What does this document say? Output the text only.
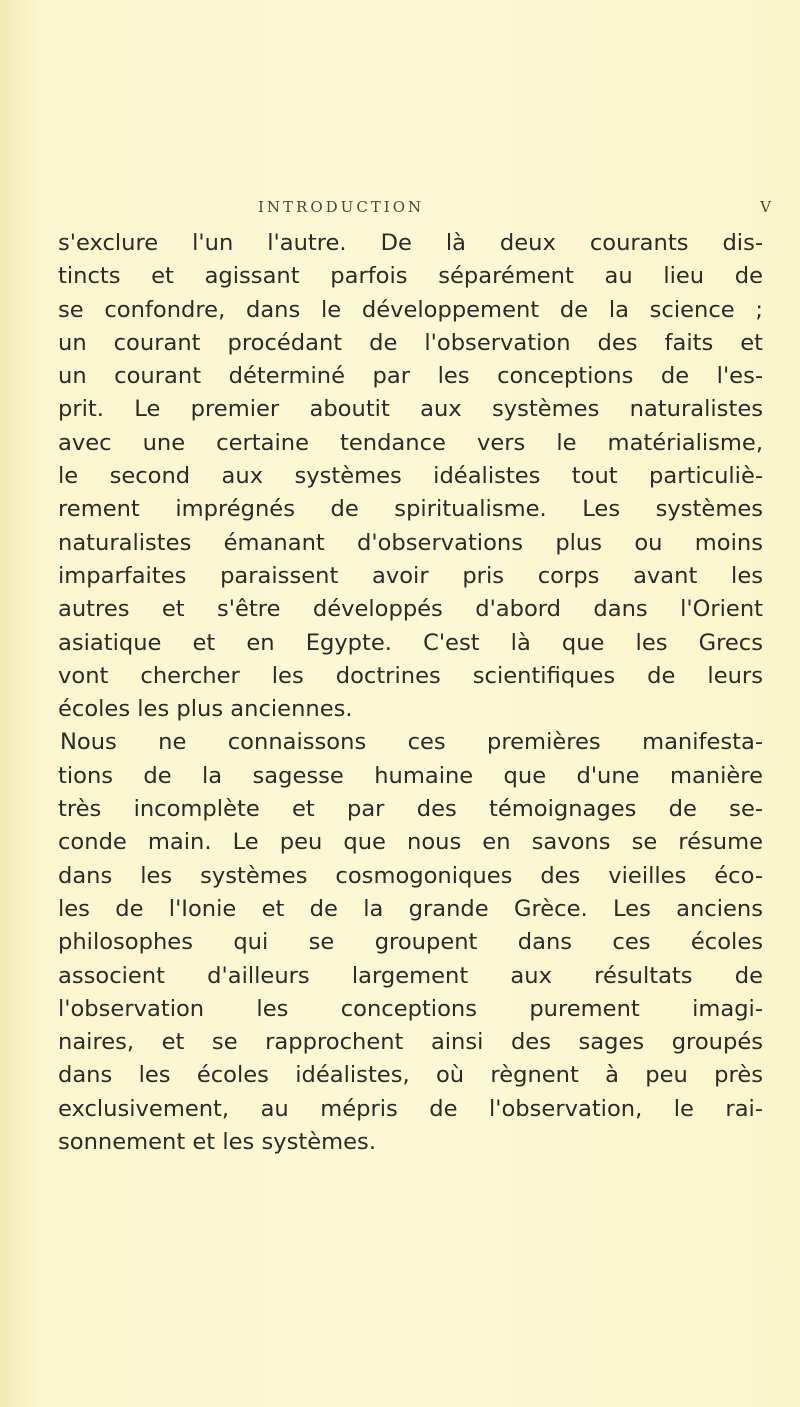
INTRODUCTION	V
s'exclure l'un l'autre. De là deux courants dis-
tincts et agissant parfois séparément au lieu de
se confondre, dans le développement de la science ;
un courant procédant de l'observation des faits et
un courant déterminé par les conceptions de l'es-
prit. Le premier aboutit aux systèmes naturalistes
avec une certaine tendance vers le matérialisme,
le second aux systèmes idéalistes tout particuliè-
rement imprégnés de spiritualisme. Les systèmes
naturalistes émanant d'observations plus ou moins
imparfaites paraissent avoir pris corps avant les
autres et s'être développés d'abord dans l'Orient
asiatique et en Egypte. C'est là que les Grecs
vont chercher les doctrines scientifiques de leurs
écoles les plus anciennes.
Nous ne connaissons ces premières manifesta-
tions de la sagesse humaine que d'une manière
très incomplète et par des témoignages de se-
conde main. Le peu que nous en savons se résume
dans les systèmes cosmogoniques des vieilles éco-
les de l'Ionie et de la grande Grèce. Les anciens
philosophes qui se groupent dans ces écoles
associent d'ailleurs largement aux résultats de
l'observation les conceptions purement imagi-
naires, et se rapprochent ainsi des sages groupés
dans les écoles idéalistes, où règnent à peu près
exclusivement, au mépris de l'observation, le rai-
sonnement et les systèmes.
